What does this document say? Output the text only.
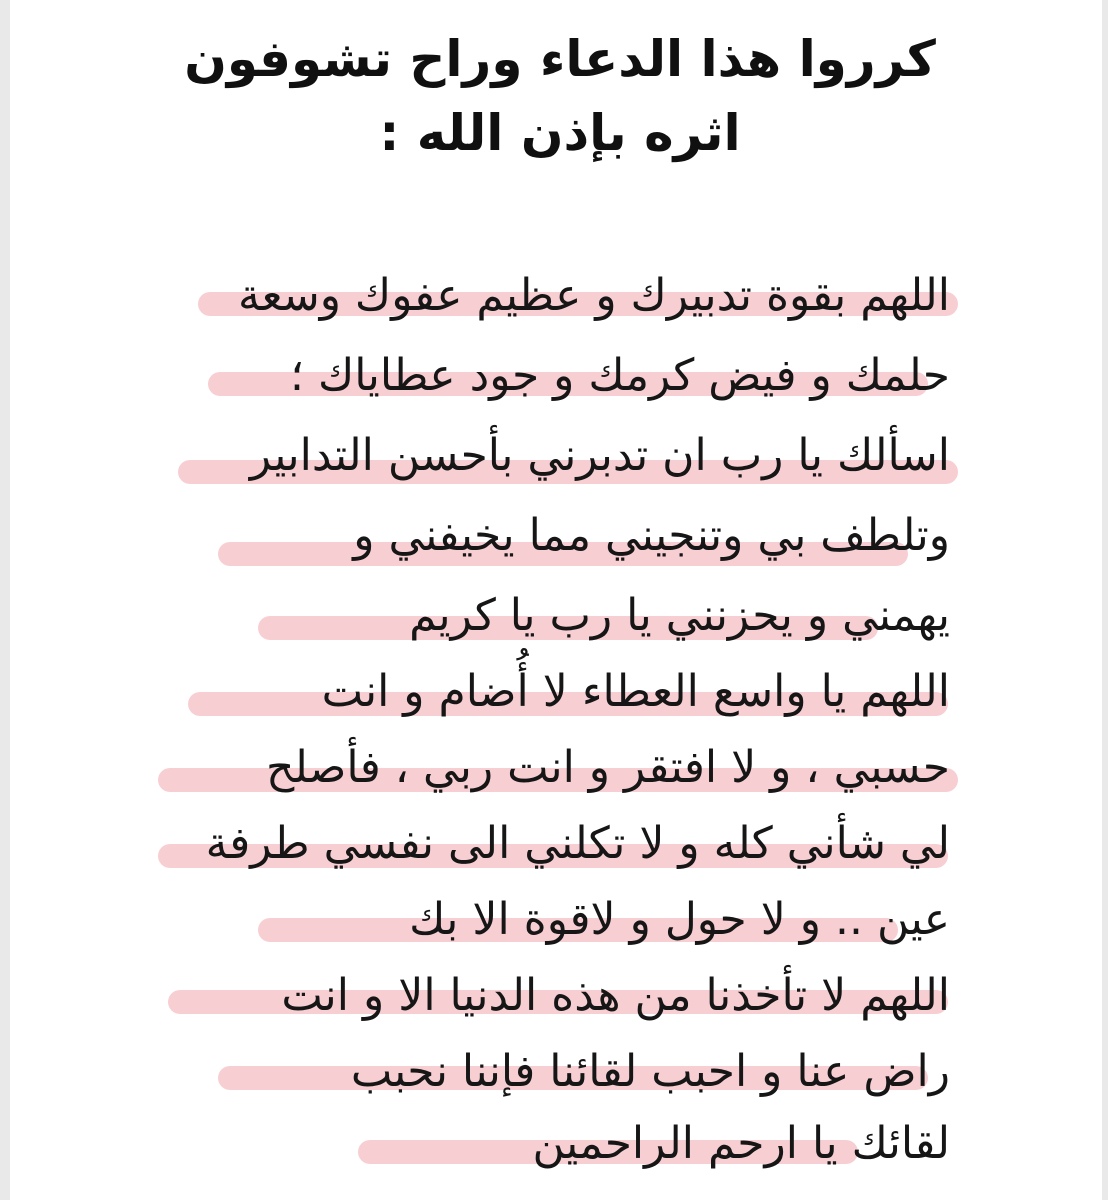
كرروا هذا الدعاء وراح تشوفون
اثره بإذن الله :
اللهم بقوة تدبيرك و عظيم عفوك وسعة
حلمك و فيض كرمك و جود عطاياك ؛
اسألك يا رب ان تدبرني بأحسن التدابير
وتلطف بي وتنجيني مما يخيفني و
يهمني و يحزنني يا رب يا كريم
اللهم يا واسع العطاء لا أُضام و انت
حسبي ، و لا افتقر و انت ربي ، فأصلح
لي شأني كله و لا تكلني الى نفسي طرفة
عين .. و لا حول و لاقوة الا بك
اللهم لا تأخذنا من هذه الدنيا الا و انت
راض عنا و احبب لقائنا فإننا نحبب
لقائك يا ارحم الراحمين
